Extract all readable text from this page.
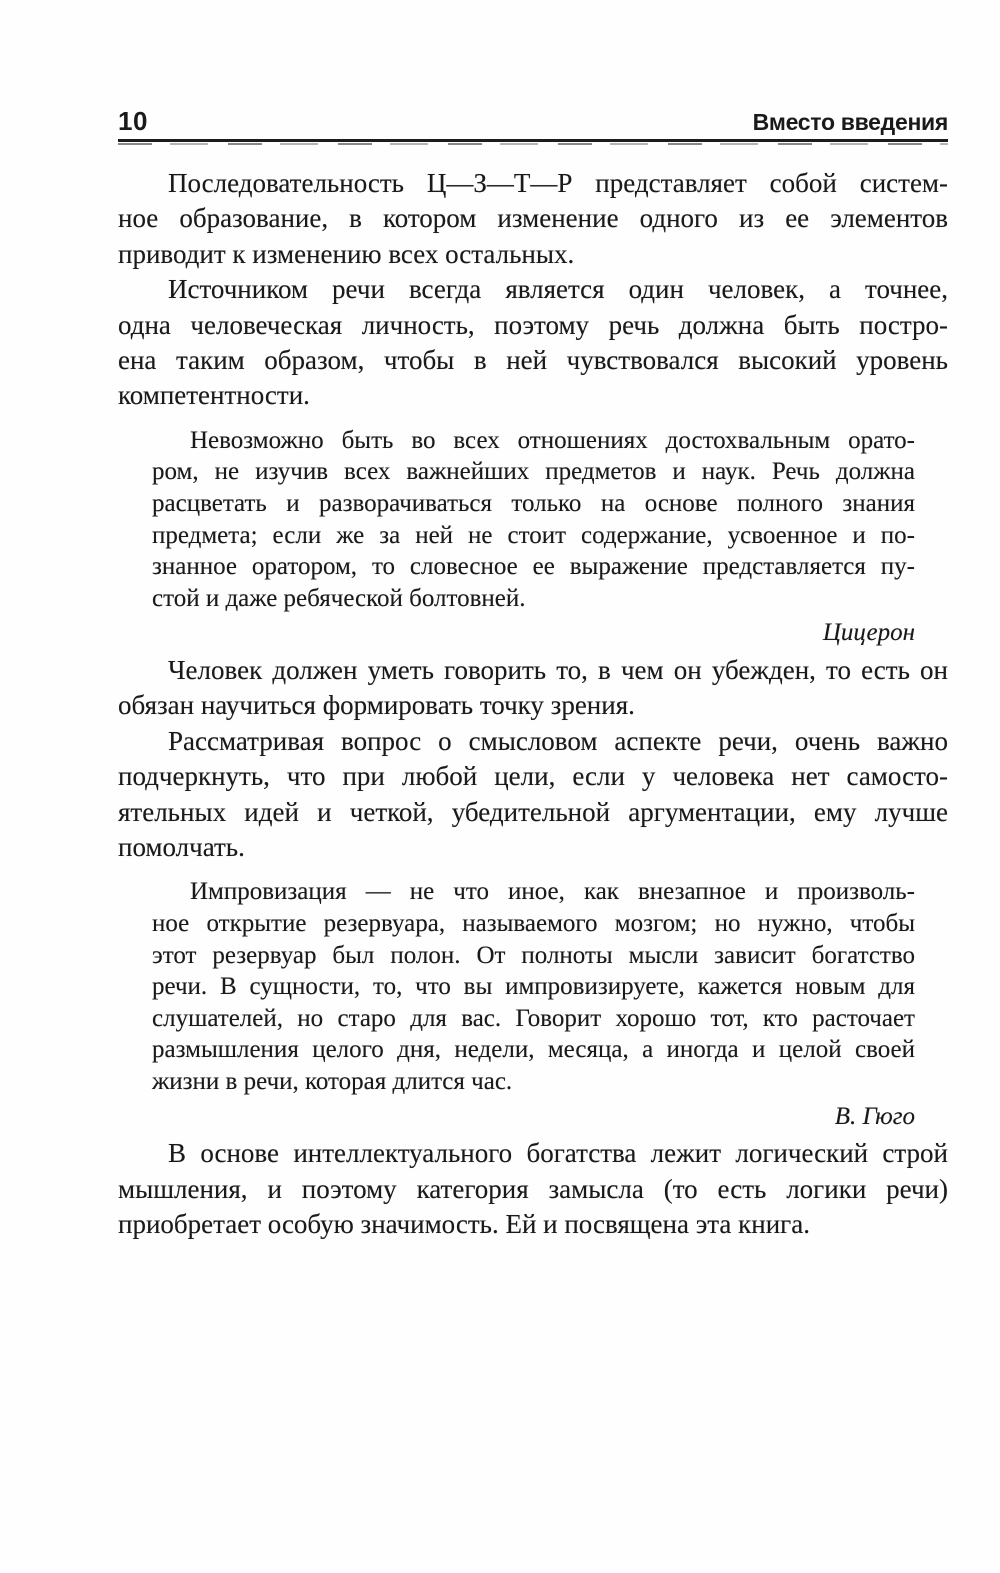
10	Вместо введения
Последовательность Ц—З—Т—Р представляет собой систем-
ное образование, в котором изменение одного из ее элементов
приводит к изменению всех остальных.
Источником речи всегда является один человек, а точнее,
одна человеческая личность, поэтому речь должна быть постро-
ена таким образом, чтобы в ней чувствовался высокий уровень
компетентности.
Невозможно быть во всех отношениях достохвальным орато-
ром, не изучив всех важнейших предметов и наук. Речь должна
расцветать и разворачиваться только на основе полного знания
предмета; если же за ней не стоит содержание, усвоенное и по-
знанное оратором, то словесное ее выражение представляется пу-
стой и даже ребяческой болтовней.
Цицерон
Человек должен уметь говорить то, в чем он убежден, то есть он
обязан научиться формировать точку зрения.
Рассматривая вопрос о смысловом аспекте речи, очень важно
подчеркнуть, что при любой цели, если у человека нет самосто-
ятельных идей и четкой, убедительной аргументации, ему лучше
помолчать.
Импровизация — не что иное, как внезапное и произволь-
ное открытие резервуара, называемого мозгом; но нужно, чтобы
этот резервуар был полон. От полноты мысли зависит богатство
речи. В сущности, то, что вы импровизируете, кажется новым для
слушателей, но старо для вас. Говорит хорошо тот, кто расточает
размышления целого дня, недели, месяца, а иногда и целой своей
жизни в речи, которая длится час.
В. Гюго
В основе интеллектуального богатства лежит логический строй
мышления, и поэтому категория замысла (то есть логики речи)
приобретает особую значимость. Ей и посвящена эта книга.
